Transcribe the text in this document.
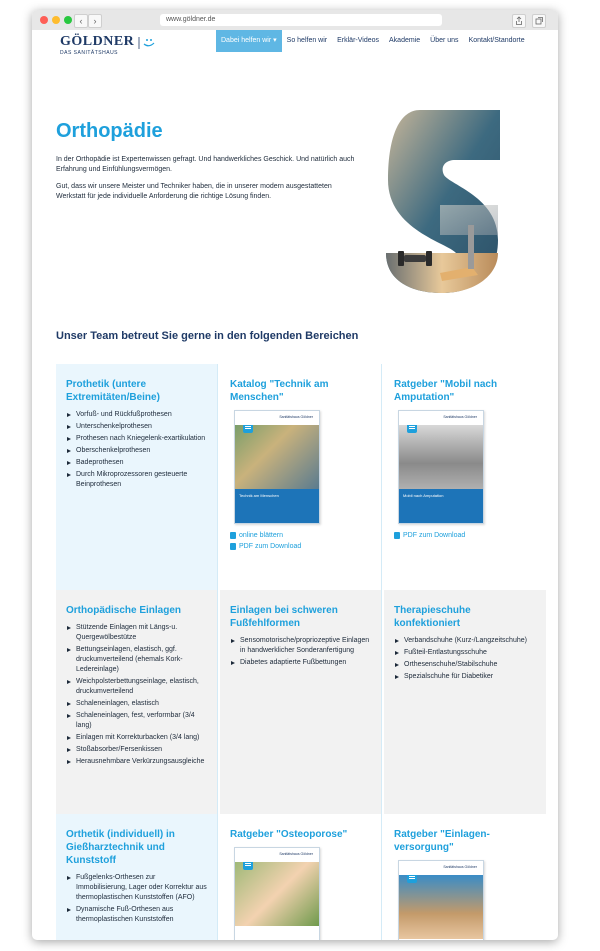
‹	›	www.göldner.de
GÖLDNER
DAS SANITÄTSHAUS
Dabei helfen wir ▾	So helfen wir	Erklär-Videos	Akademie	Über uns	Kontakt/Standorte
Orthopädie

In der Orthopädie ist Expertenwissen gefragt. Und handwerkliches Geschick. Und natürlich auch Erfahrung und Einfühlungsvermögen.

Gut, dass wir unsere Meister und Techniker haben, die in unserer modern ausgestatteten Werkstatt für jede individuelle Anforderung die richtige Lösung finden.

Unser Team betreut Sie gerne in den folgenden Bereichen
Prothetik (untere Extremitäten/Beine)
Vorfuß- und Rückfußprothesen
Unterschenkelprothesen
Prothesen nach Kniegelenk-exartikulation
Oberschenkelprothesen
Badeprothesen
Durch Mikroprozessoren gesteuerte Beinprothesen
Katalog "Technik am Menschen"
Sanitätshaus Göldner
Technik am Menschen
online blättern
PDF zum Download
Ratgeber "Mobil nach Amputation"
Sanitätshaus Göldner
Mobil nach Amputation
PDF zum Download
Orthopädische Einlagen
Stützende Einlagen mit Längs-u. Quergewölbestütze
Bettungseinlagen, elastisch, ggf. druckumverteilend (ehemals Kork-Ledereinlage)
Weichpolsterbettungseinlage, elastisch, druckumverteilend
Schaleneinlagen, elastisch
Schaleneinlagen, fest, verformbar (3/4 lang)
Einlagen mit Korrekturbacken (3/4 lang)
Stoßabsorber/Fersenkissen
Herausnehmbare Verkürzungsausgleiche
Einlagen bei schweren Fußfehlformen
Sensomotorische/propriozeptive Einlagen in handwerklicher Sonderanfertigung
Diabetes adaptierte Fußbettungen
Therapieschuhe konfektioniert
Verbandschuhe (Kurz-/Langzeitschuhe)
Fußteil-Entlastungsschuhe
Orthesenschuhe/Stabilschuhe
Spezialschuhe für Diabetiker
Orthetik (individuell) in Gießharztechnik und Kunststoff
Fußgelenks-Orthesen zur Immobilisierung, Lager oder Korrektur aus thermoplastischen Kunststoffen (AFO)
Dynamische Fuß-Orthesen aus thermoplastischen Kunststoffen
Ratgeber "Osteoporose"
Sanitätshaus Göldner
Ratgeber "Einlagen-versorgung"
Sanitätshaus Göldner
